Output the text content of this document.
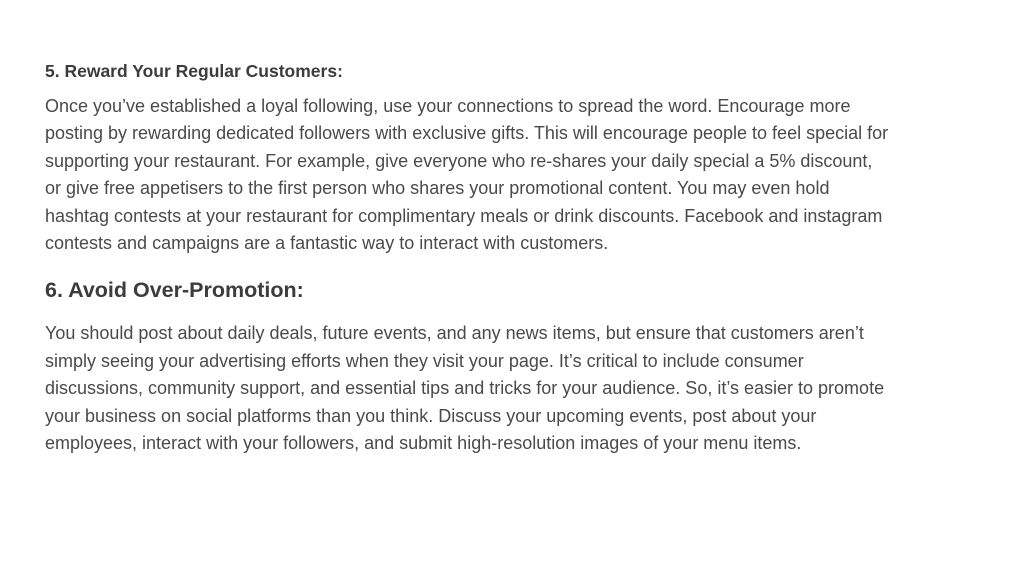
5. Reward Your Regular Customers:

Once you’ve established a loyal following, use your connections to spread the word. Encourage more
posting by rewarding dedicated followers with exclusive gifts. This will encourage people to feel special for
supporting your restaurant. For example, give everyone who re-shares your daily special a 5% discount,
or give free appetisers to the first person who shares your promotional content. You may even hold
hashtag contests at your restaurant for complimentary meals or drink discounts. Facebook and instagram
contests and campaigns are a fantastic way to interact with customers.

6. Avoid Over-Promotion:

You should post about daily deals, future events, and any news items, but ensure that customers aren’t
simply seeing your advertising efforts when they visit your page. It’s critical to include consumer
discussions, community support, and essential tips and tricks for your audience. So, it’s easier to promote
your business on social platforms than you think. Discuss your upcoming events, post about your
employees, interact with your followers, and submit high-resolution images of your menu items.
